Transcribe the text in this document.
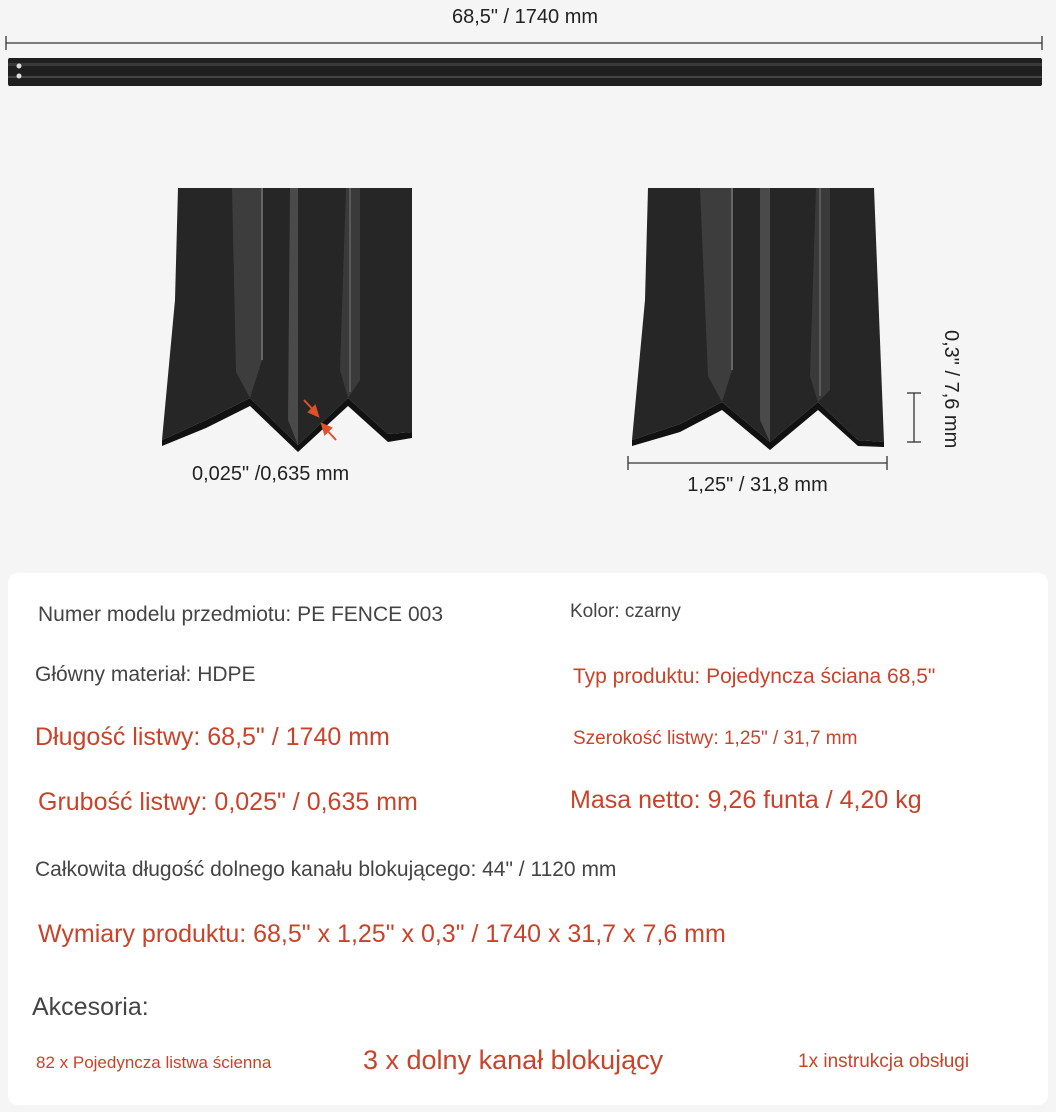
68,5" / 1740 mm
0,025" /0,635 mm	1,25" / 31,8 mm
0,3" / 7,6 mm
Numer modelu przedmiotu: PE FENCE 003	Kolor: czarny
Główny materiał: HDPE	Typ produktu: Pojedyncza ściana 68,5"
Długość listwy: 68,5" / 1740 mm	Szerokość listwy: 1,25" / 31,7 mm
Grubość listwy: 0,025" / 0,635 mm	Masa netto: 9,26 funta / 4,20 kg
Całkowita długość dolnego kanału blokującego: 44" / 1120 mm
Wymiary produktu: 68,5" x 1,25" x 0,3" / 1740 x 31,7 x 7,6 mm
Akcesoria:
82 x Pojedyncza listwa ścienna	3 x dolny kanał blokujący	1x instrukcja obsługi
